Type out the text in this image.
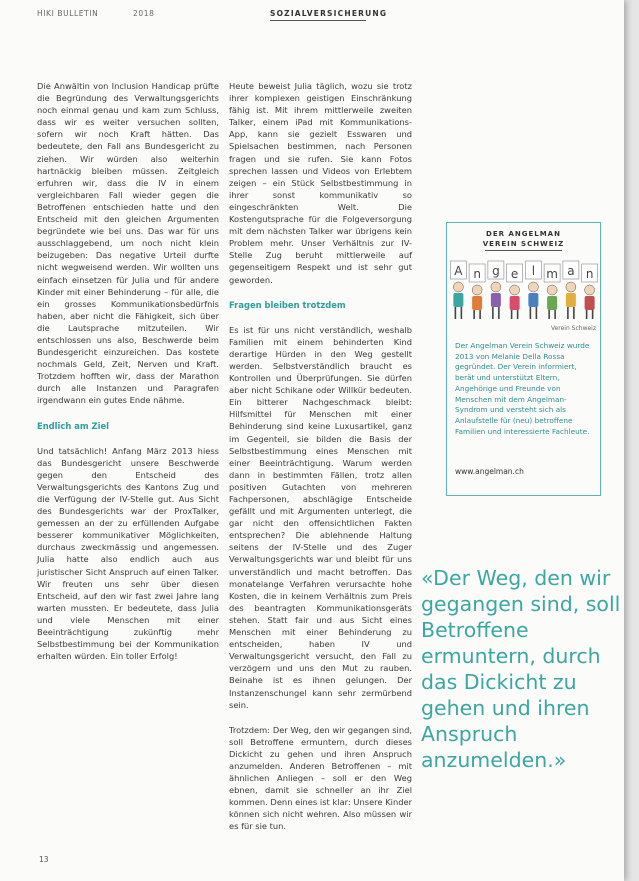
HIKI BULLETIN	2018	SOZIALVERSICHERUNG

Die Anwältin von Inclusion Handicap prüfte die Begründung des Verwaltungsgerichts noch einmal genau und kam zum Schluss, dass wir es weiter versuchen sollten, sofern wir noch Kraft hätten. Das bedeutete, den Fall ans Bundesgericht zu ziehen. Wir würden also weiterhin hartnäckig bleiben müssen. Zeitgleich erfuhren wir, dass die IV in einem vergleichbaren Fall wieder gegen die Betroffenen entschieden hatte und den Entscheid mit den gleichen Argumenten begründete wie bei uns. Das war für uns ausschlaggebend, um noch nicht klein beizugeben: Das negative Urteil durfte nicht wegweisend werden. Wir wollten uns einfach einsetzen für Julia und für andere Kinder mit einer Behinderung – für alle, die ein grosses Kommunikationsbedürfnis haben, aber nicht die Fähigkeit, sich über die Lautsprache mitzuteilen. Wir entschlossen uns also, Beschwerde beim Bundesgericht einzureichen. Das kostete nochmals Geld, Zeit, Nerven und Kraft. Trotzdem hofften wir, dass der Marathon durch alle Instanzen und Paragrafen irgendwann ein gutes Ende nähme.

Endlich am Ziel

Und tatsächlich! Anfang März 2013 hiess das Bundesgericht unsere Beschwerde gegen den Entscheid des Verwaltungsgerichts des Kantons Zug und die Verfügung der IV-Stelle gut. Aus Sicht des Bundesgerichts war der ProxTalker, gemessen an der zu erfüllenden Aufgabe besserer kommunikativer Möglichkeiten, durchaus zweckmässig und angemessen. Julia hatte also endlich auch aus juristischer Sicht Anspruch auf einen Talker. Wir freuten uns sehr über diesen Entscheid, auf den wir fast zwei Jahre lang warten mussten. Er bedeutete, dass Julia und viele Menschen mit einer Beeinträchtigung zukünftig mehr Selbstbestimmung bei der Kommunikation erhalten würden. Ein toller Erfolg!

Heute beweist Julia täglich, wozu sie trotz ihrer komplexen geistigen Einschränkung fähig ist. Mit ihrem mittlerweile zweiten Talker, einem iPad mit Kommunikations-App, kann sie gezielt Esswaren und Spielsachen bestimmen, nach Personen fragen und sie rufen. Sie kann Fotos sprechen lassen und Videos von Erlebtem zeigen – ein Stück Selbstbestimmung in ihrer sonst kommunikativ so eingeschränkten Welt. Die Kostengutsprache für die Folgeversorgung mit dem nächsten Talker war übrigens kein Problem mehr. Unser Verhältnis zur IV-Stelle Zug beruht mittlerweile auf gegenseitigem Respekt und ist sehr gut geworden.

Fragen bleiben trotzdem

Es ist für uns nicht verständlich, weshalb Familien mit einem behinderten Kind derartige Hürden in den Weg gestellt werden. Selbstverständlich braucht es Kontrollen und Überprüfungen. Sie dürfen aber nicht Schikane oder Willkür bedeuten. Ein bitterer Nachgeschmack bleibt: Hilfsmittel für Menschen mit einer Behinderung sind keine Luxusartikel, ganz im Gegenteil, sie bilden die Basis der Selbstbestimmung eines Menschen mit einer Beeinträchtigung. Warum werden dann in bestimmten Fällen, trotz allen positiven Gutachten von mehreren Fachpersonen, abschlägige Entscheide gefällt und mit Argumenten unterlegt, die gar nicht den offensichtlichen Fakten entsprechen? Die ablehnende Haltung seitens der IV-Stelle und des Zuger Verwaltungsgerichts war und bleibt für uns unverständlich und macht betroffen. Das monatelange Verfahren verursachte hohe Kosten, die in keinem Verhältnis zum Preis des beantragten Kommunikationsgeräts stehen. Statt fair und aus Sicht eines Menschen mit einer Behinderung zu entscheiden, haben IV und Verwaltungsgericht versucht, den Fall zu verzögern und uns den Mut zu rauben. Beinahe ist es ihnen gelungen. Der Instanzenschungel kann sehr zermürbend sein.

Trotzdem: Der Weg, den wir gegangen sind, soll Betroffene ermuntern, durch dieses Dickicht zu gehen und ihren Anspruch anzumelden. Anderen Betroffenen – mit ähnlichen Anliegen – soll er den Weg ebnen, damit sie schneller an ihr Ziel kommen. Denn eines ist klar: Unsere Kinder können sich nicht wehren. Also müssen wir es für sie tun.

DER ANGELMAN
VEREIN SCHWEIZ
A n g e l m a n
Verein Schweiz
Der Angelman Verein Schweiz wurde 2013 von Melanie Della Rossa gegründet. Der Verein informiert, berät und unterstützt Eltern, Angehörige und Freunde von Menschen mit dem Angelman-Syndrom und versteht sich als Anlaufstelle für (neu) betroffene Familien und interessierte Fachleute.
www.angelman.ch
«Der Weg, den wir gegangen sind, soll Betroffene ermuntern, durch das Dickicht zu gehen und ihren Anspruch anzumelden.»
13
